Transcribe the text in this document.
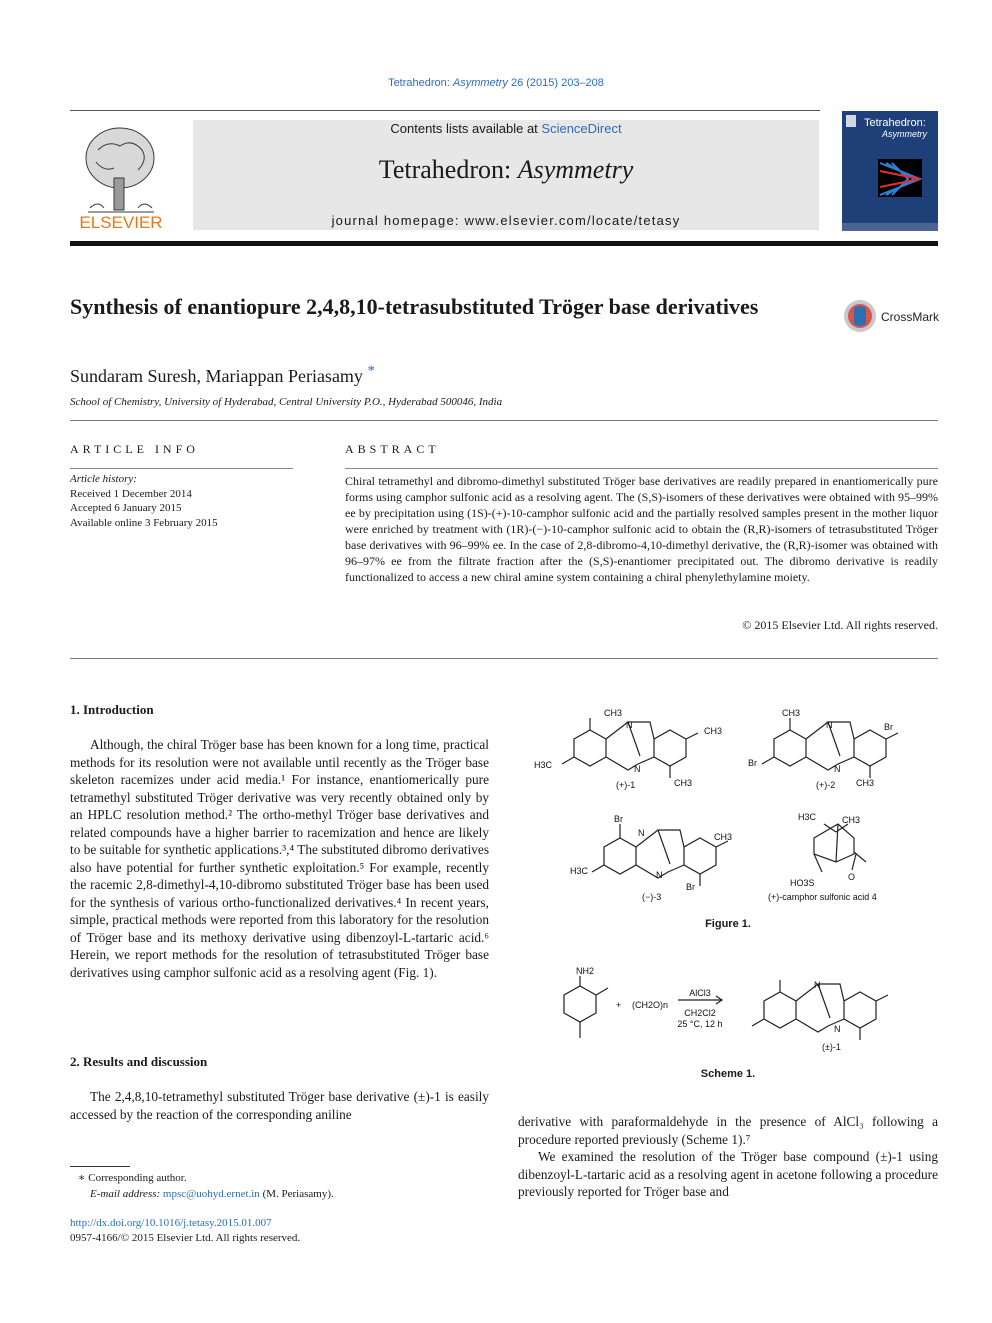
Tetrahedron: Asymmetry 26 (2015) 203–208
ELSEVIER
Contents lists available at ScienceDirect
Tetrahedron: Asymmetry
journal homepage: www.elsevier.com/locate/tetasy
Tetrahedron:
Asymmetry
Synthesis of enantiopure 2,4,8,10-tetrasubstituted Tröger base derivatives	CrossMark
Sundaram Suresh, Mariappan Periasamy *
School of Chemistry, University of Hyderabad, Central University P.O., Hyderabad 500046, India
ARTICLE INFO
Article history:
Received 1 December 2014
Accepted 6 January 2015
Available online 3 February 2015
ABSTRACT
Chiral tetramethyl and dibromo-dimethyl substituted Tröger base derivatives are readily prepared in enantiomerically pure forms using camphor sulfonic acid as a resolving agent. The (S,S)-isomers of these derivatives were obtained with 95–99% ee by precipitation using (1S)-(+)-10-camphor sulfonic acid and the partially resolved samples present in the mother liquor were enriched by treatment with (1R)-(−)-10-camphor sulfonic acid to obtain the (R,R)-isomers of tetrasubstituted Tröger base derivatives with 96–99% ee. In the case of 2,8-dibromo-4,10-dimethyl derivative, the (R,R)-isomer was obtained with 96–97% ee from the filtrate fraction after the (S,S)-enantiomer precipitated out. The dibromo derivative is readily functionalized to access a new chiral amine system containing a chiral phenylethylamine moiety.
© 2015 Elsevier Ltd. All rights reserved.
1. Introduction
Although, the chiral Tröger base has been known for a long time, practical methods for its resolution were not available until recently as the Tröger base skeleton racemizes under acid media.¹ For instance, enantiomerically pure tetramethyl substituted Tröger derivative was very recently obtained only by an HPLC resolution method.² The ortho-methyl Tröger base derivatives and related compounds have a higher barrier to racemization and hence are likely to be suitable for synthetic applications.³,⁴ The substituted dibromo derivatives also have potential for further synthetic exploitation.⁵ For example, recently the racemic 2,8-dimethyl-4,10-dibromo substituted Tröger base has been used for the synthesis of various ortho-functionalized derivatives.⁴ In recent years, simple, practical methods were reported from this laboratory for the resolution of Tröger base and its methoxy derivative using dibenzoyl-L-tartaric acid.⁶ Herein, we report methods for the resolution of tetrasubstituted Tröger base derivatives using camphor sulfonic acid as a resolving agent (Fig. 1).
2. Results and discussion
The 2,4,8,10-tetramethyl substituted Tröger base derivative (±)-1 is easily accessed by the reaction of the corresponding aniline
CH3
CH3
H3C
CH3
N
N
(+)-1
CH3
Br
Br
CH3
N
N
(+)-2
Br
CH3
H3C
Br
N
N
(−)-3
H3C	CH3
O
HO3S
(+)-camphor sulfonic acid 4
Figure 1.
NH2
+ (CH2O)n
AlCl3
CH2Cl2
25 °C, 12 h
N
N
(±)-1
Scheme 1.
derivative with paraformaldehyde in the presence of AlCl₃ following a procedure reported previously (Scheme 1).⁷
We examined the resolution of the Tröger base compound (±)-1 using dibenzoyl-L-tartaric acid as a resolving agent in acetone following a procedure previously reported for Tröger base and
∗ Corresponding author.
E-mail address: mpsc@uohyd.ernet.in (M. Periasamy).
http://dx.doi.org/10.1016/j.tetasy.2015.01.007
0957-4166/© 2015 Elsevier Ltd. All rights reserved.
